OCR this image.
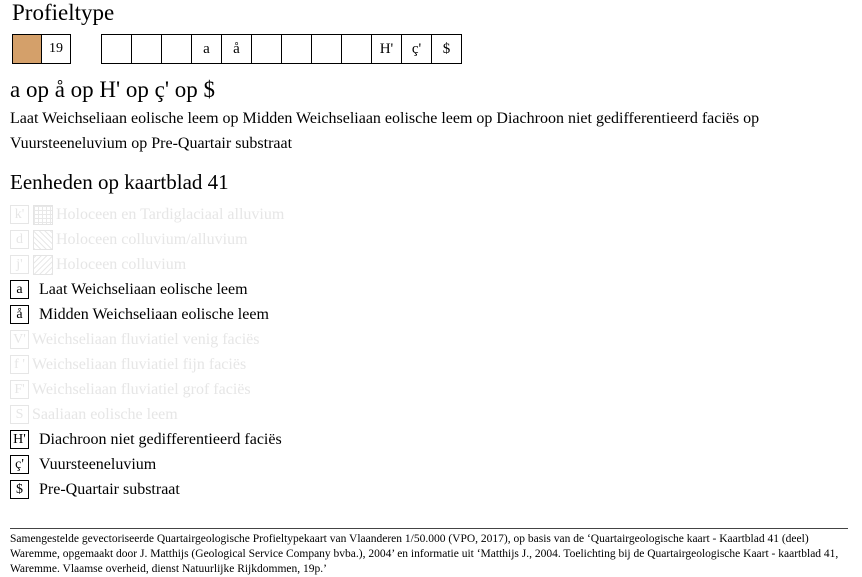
Profieltype
19	a	å	H'	ç'	$
a op å op H' op ç' op $
Laat Weichseliaan eolische leem op Midden Weichseliaan eolische leem op Diachroon niet gedifferentieerd faciës op Vuursteeneluvium op Pre-Quartair substraat
Eenheden op kaartblad 41
k' Holoceen en Tardiglaciaal alluvium
d	Holoceen colluvium/alluvium
j'	Holoceen colluvium
a	Laat Weichseliaan eolische leem
å	Midden Weichseliaan eolische leem
V' Weichseliaan fluviatiel venig faciës
f ' Weichseliaan fluviatiel fijn faciës
F' Weichseliaan fluviatiel grof faciës
S Saaliaan eolische leem
H' Diachroon niet gedifferentieerd faciës
ç' Vuursteeneluvium
$	Pre-Quartair substraat
Samengestelde gevectoriseerde Quartairgeologische Profieltypekaart van Vlaanderen 1/50.000 (VPO, 2017), op basis van de ‘Quartairgeologische kaart - Kaartblad 41 (deel) Waremme, opgemaakt door J. Matthijs (Geological Service Company bvba.), 2004’ en informatie uit ‘Matthijs J., 2004. Toelichting bij de Quartairgeologische Kaart - kaartblad 41, Waremme. Vlaamse overheid, dienst Natuurlijke Rijkdommen, 19p.’
